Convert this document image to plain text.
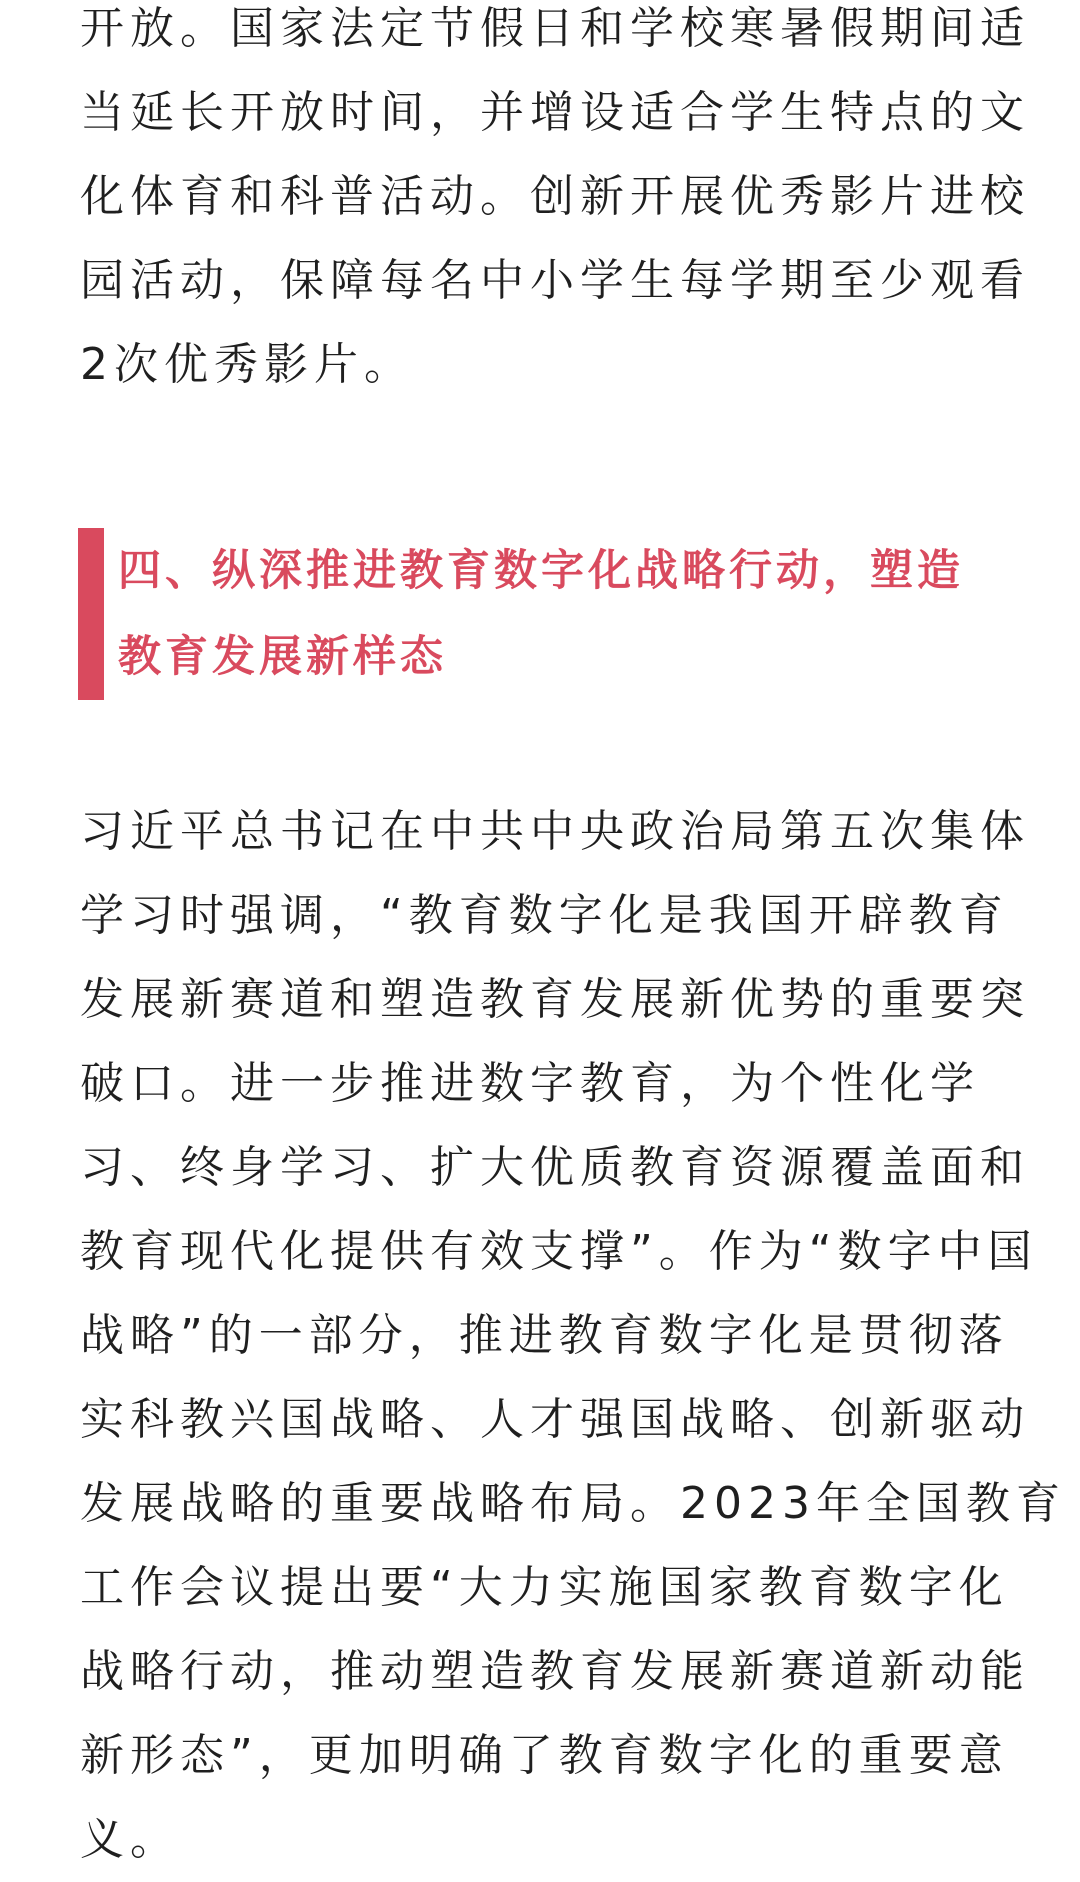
开放。国家法定节假日和学校寒暑假期间适
当延长开放时间，并增设适合学生特点的文
化体育和科普活动。创新开展优秀影片进校
园活动，保障每名中小学生每学期至少观看
2次优秀影片。

四、纵深推进教育数字化战略行动，塑造
教育发展新样态

习近平总书记在中共中央政治局第五次集体
学习时强调，“教育数字化是我国开辟教育
发展新赛道和塑造教育发展新优势的重要突
破口。进一步推进数字教育，为个性化学
习、终身学习、扩大优质教育资源覆盖面和
教育现代化提供有效支撑”。作为“数字中国
战略”的一部分，推进教育数字化是贯彻落
实科教兴国战略、人才强国战略、创新驱动
发展战略的重要战略布局。2023年全国教育
工作会议提出要“大力实施国家教育数字化
战略行动，推动塑造教育发展新赛道新动能
新形态”，更加明确了教育数字化的重要意
义。
